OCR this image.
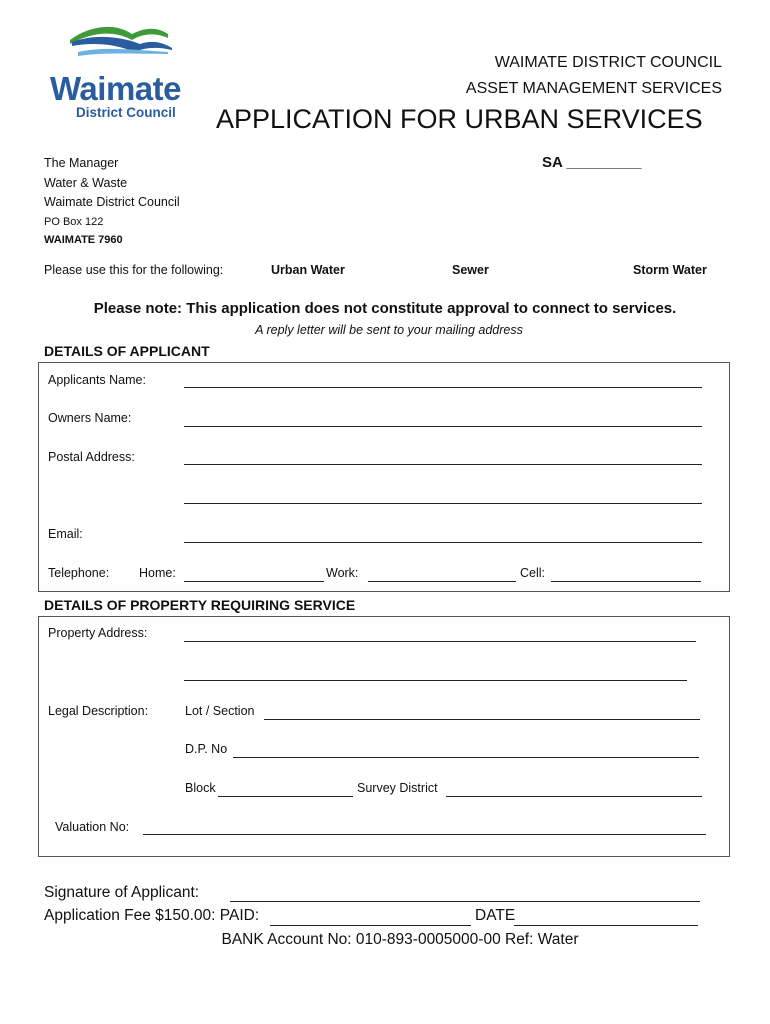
Waimate
District Council
WAIMATE DISTRICT COUNCIL
ASSET MANAGEMENT SERVICES
APPLICATION FOR URBAN SERVICES
SA _________
The Manager
Water & Waste
Waimate District Council
PO Box 122
WAIMATE 7960
Please use this for the following:	Urban Water	Sewer	Storm Water
Please note: This application does not constitute approval to connect to services.
A reply letter will be sent to your mailing address
DETAILS OF APPLICANT
Applicants Name:
Owners Name:
Postal Address:
Email:
Telephone: Home:	Work:	Cell:
DETAILS OF PROPERTY REQUIRING SERVICE
Property Address:
Legal Description:	Lot / Section
D.P. No
Block	Survey District
Valuation No:
Signature of Applicant:
Application Fee $150.00: PAID:	DATE
BANK Account No: 010-893-0005000-00 Ref: Water
